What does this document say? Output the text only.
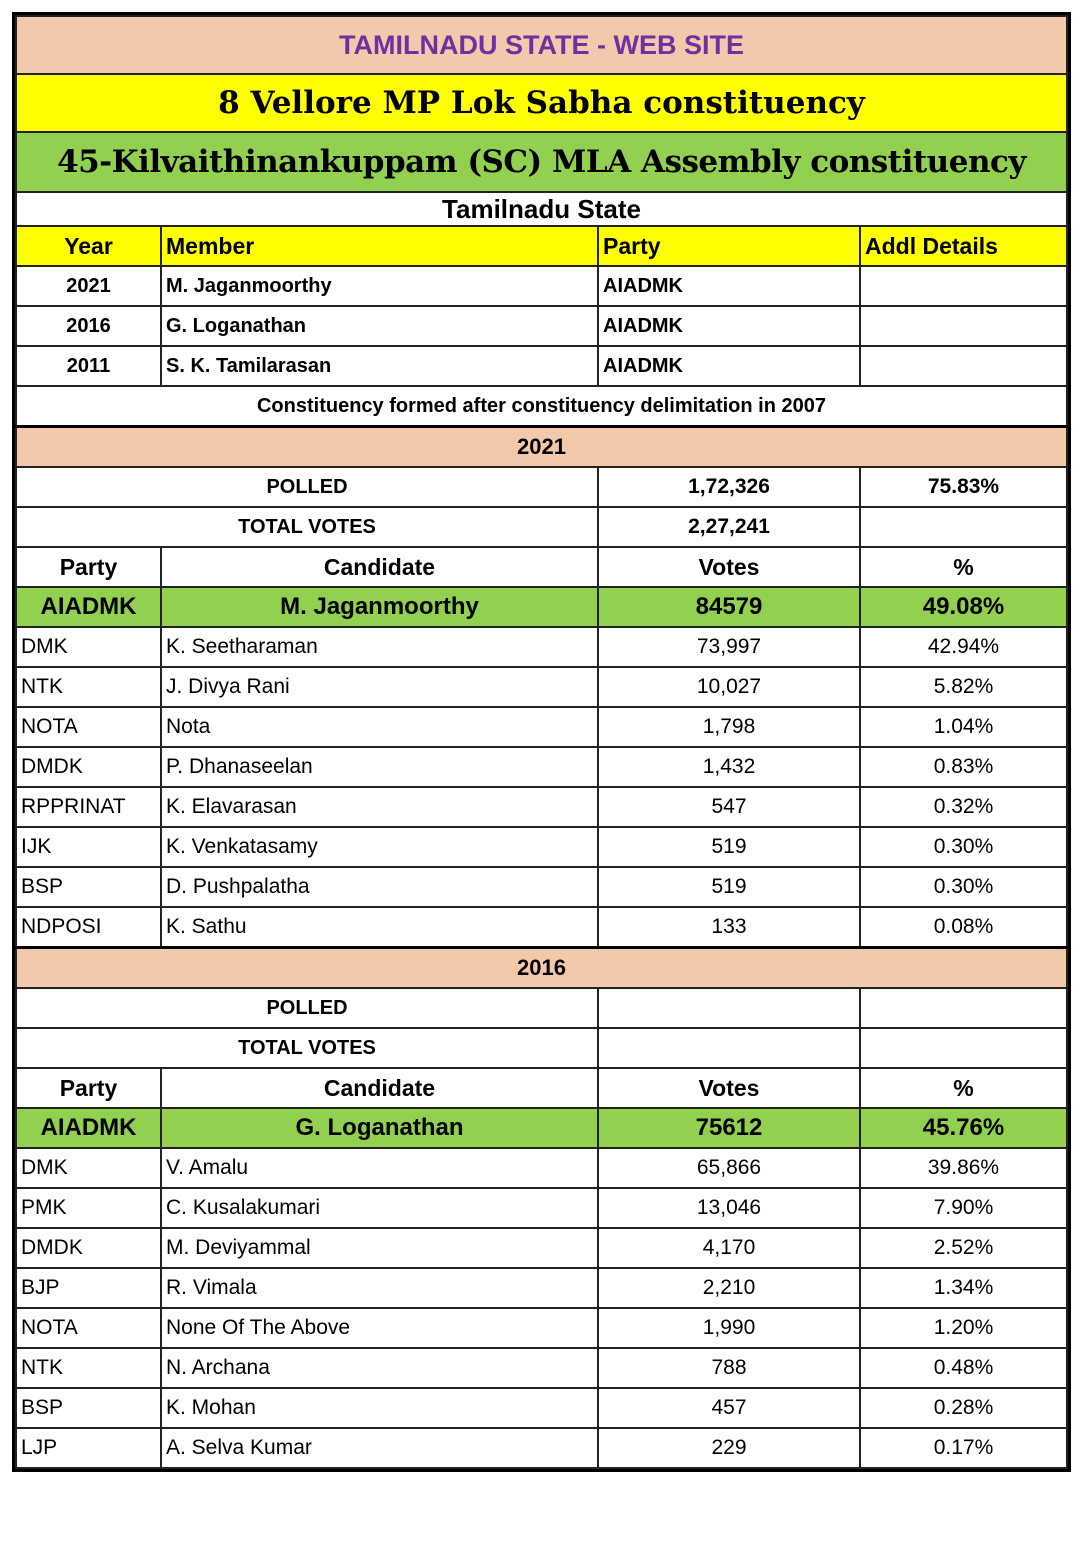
TAMILNADU STATE - WEB SITE			
8 Vellore MP Lok Sabha constituency			
45-Kilvaithinankuppam (SC) MLA Assembly constituency			
Tamilnadu State			
Year	Member	Party	Addl Details
2021	M. Jaganmoorthy	AIADMK	
2016	G. Loganathan	AIADMK	
2011	S. K. Tamilarasan	AIADMK	
Constituency formed after constituency delimitation in 2007			
2021			
POLLED		1,72,326	75.83%
TOTAL VOTES		2,27,241	
Party	Candidate	Votes	%
AIADMK	M. Jaganmoorthy	84579	49.08%
DMK	K. Seetharaman	73,997	42.94%
NTK	J. Divya Rani	10,027	5.82%
NOTA	Nota	1,798	1.04%
DMDK	P. Dhanaseelan	1,432	0.83%
RPPRINAT	K. Elavarasan	547	0.32%
IJK	K. Venkatasamy	519	0.30%
BSP	D. Pushpalatha	519	0.30%
NDPOSI	K. Sathu	133	0.08%
2016			
POLLED			
TOTAL VOTES			
Party	Candidate	Votes	%
AIADMK	G. Loganathan	75612	45.76%
DMK	V. Amalu	65,866	39.86%
PMK	C. Kusalakumari	13,046	7.90%
DMDK	M. Deviyammal	4,170	2.52%
BJP	R. Vimala	2,210	1.34%
NOTA	None Of The Above	1,990	1.20%
NTK	N. Archana	788	0.48%
BSP	K. Mohan	457	0.28%
LJP	A. Selva Kumar	229	0.17%
